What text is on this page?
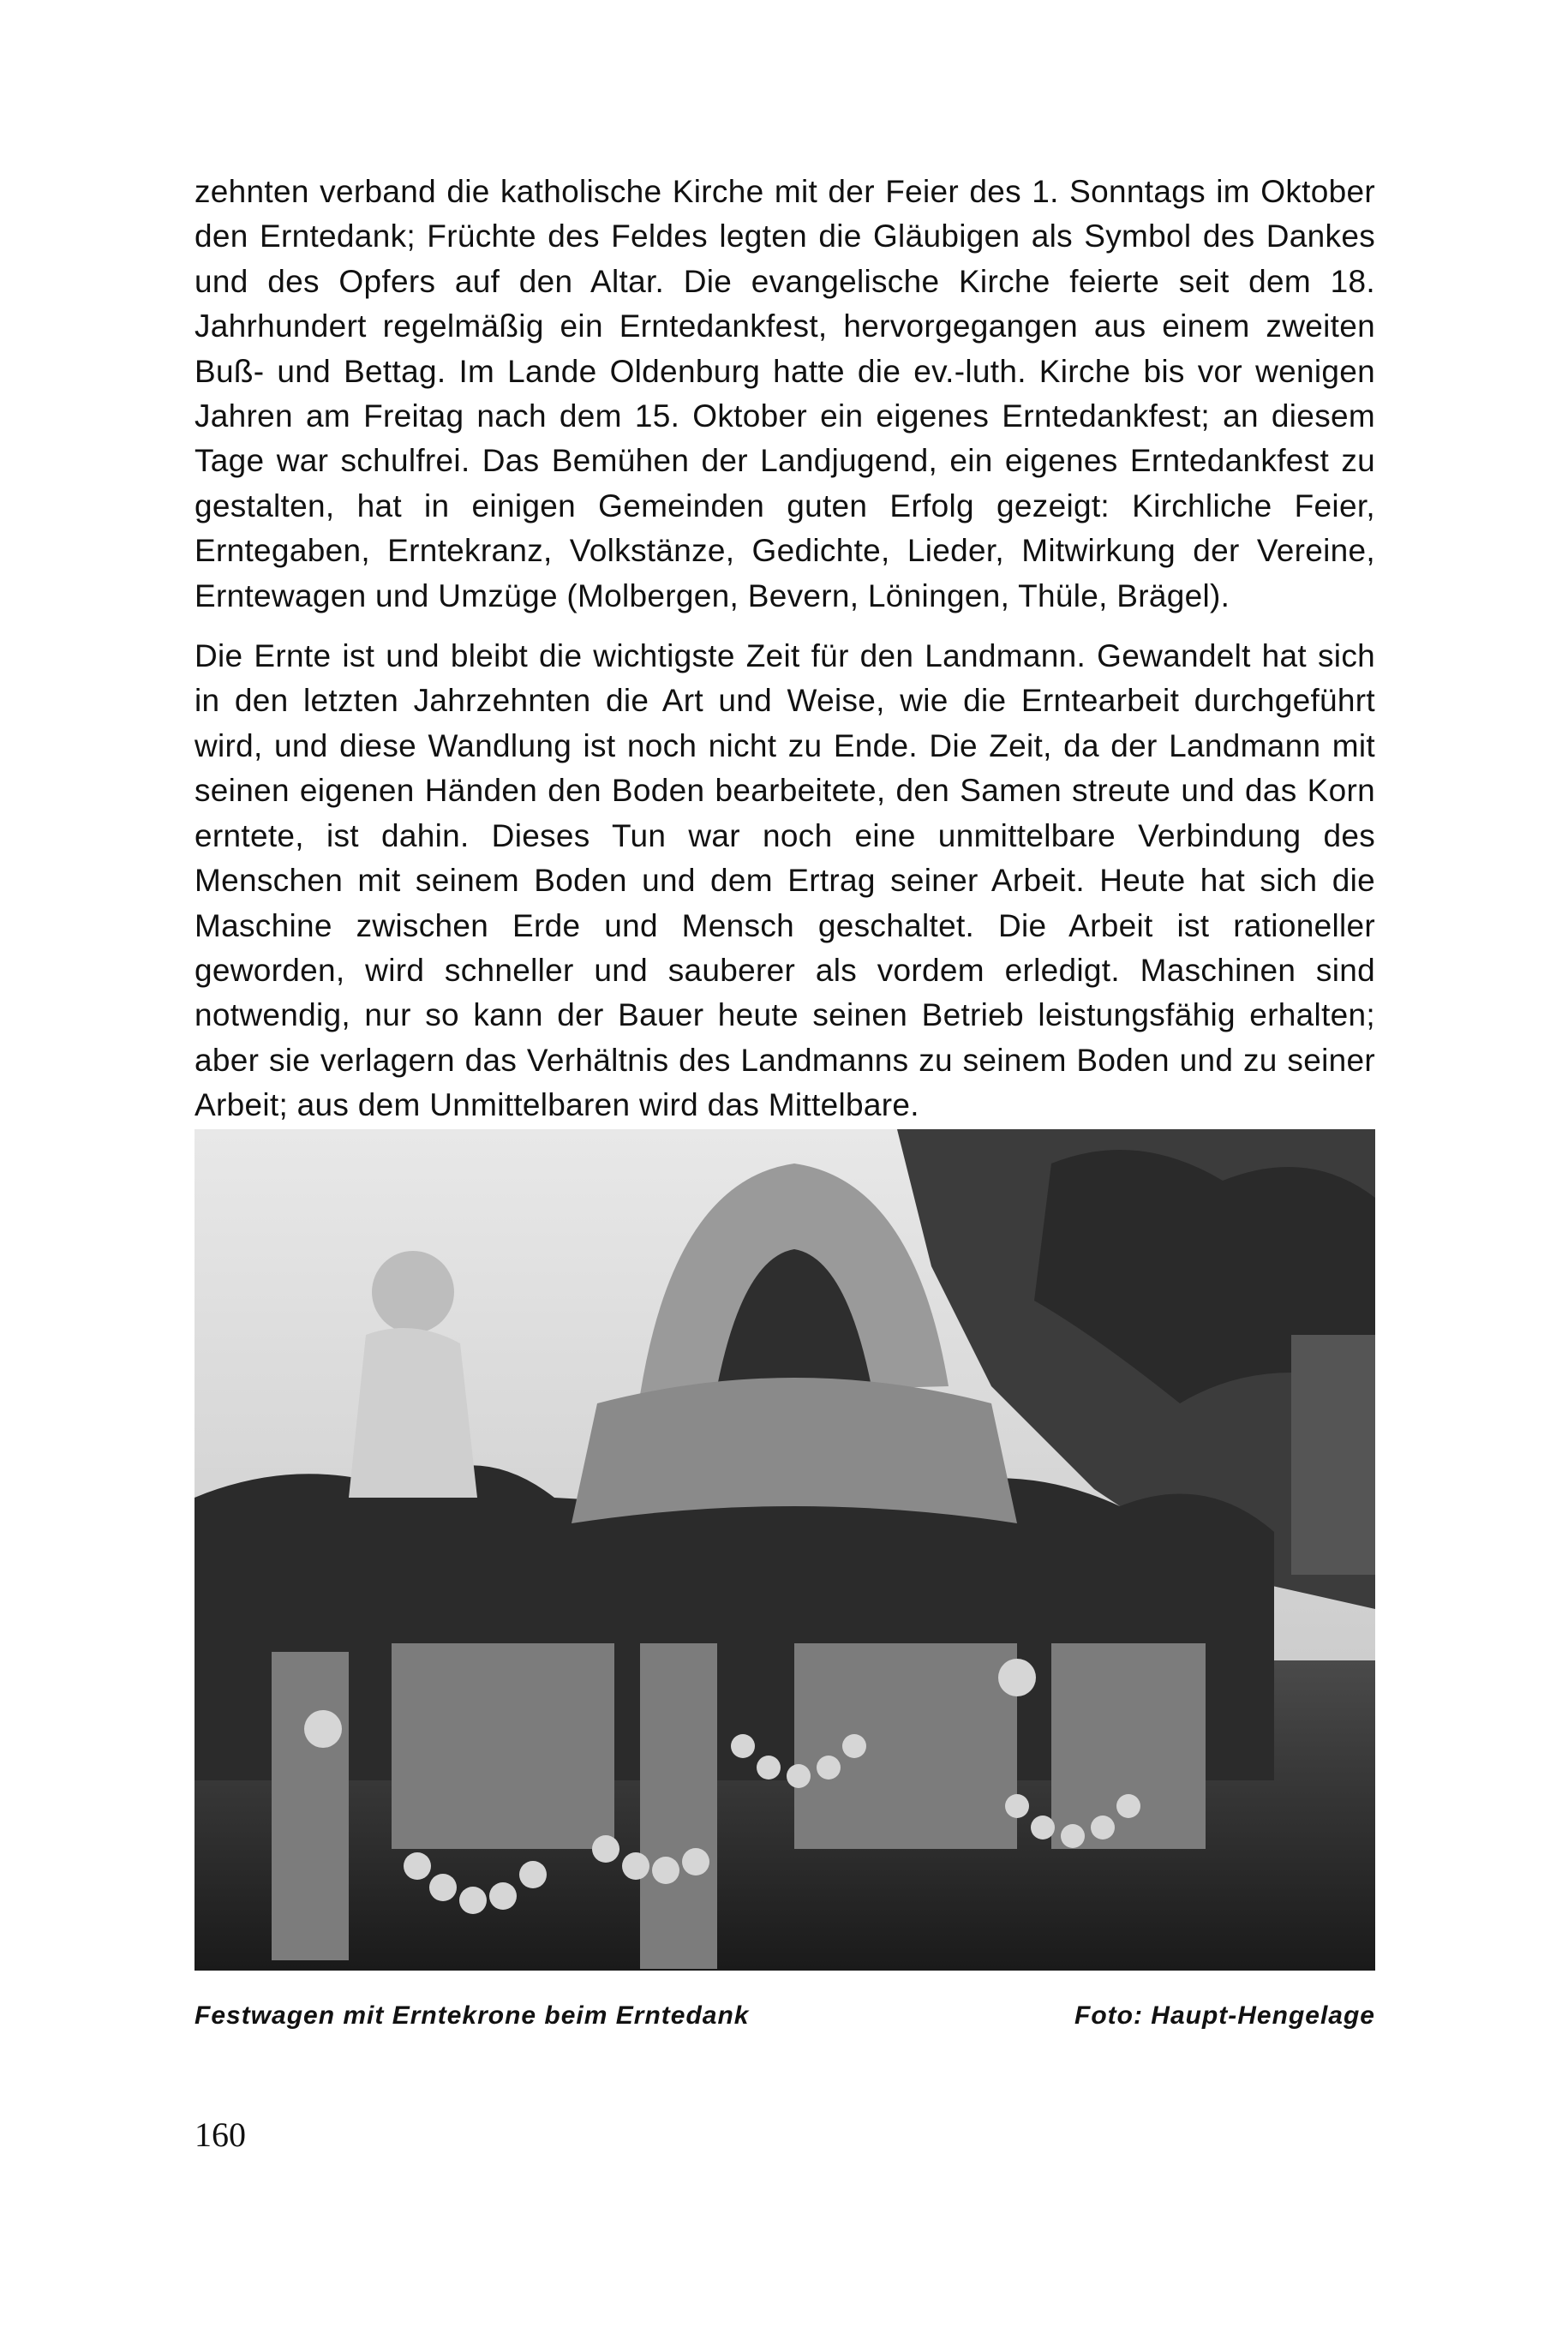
zehnten verband die katholische Kirche mit der Feier des 1. Sonntags im Oktober den Erntedank; Früchte des Feldes legten die Gläubigen als Symbol des Dankes und des Opfers auf den Altar. Die evangelische Kirche feierte seit dem 18. Jahrhundert regelmäßig ein Erntedankfest, hervorgegangen aus einem zweiten Buß- und Bettag. Im Lande Oldenburg hatte die ev.-luth. Kirche bis vor wenigen Jahren am Freitag nach dem 15. Oktober ein eigenes Erntedankfest; an diesem Tage war schulfrei. Das Bemühen der Landjugend, ein eigenes Erntedankfest zu gestalten, hat in einigen Gemeinden guten Erfolg gezeigt: Kirchliche Feier, Erntegaben, Erntekranz, Volkstänze, Gedichte, Lieder, Mitwirkung der Vereine, Erntewagen und Umzüge (Molbergen, Bevern, Löningen, Thüle, Brägel).

Die Ernte ist und bleibt die wichtigste Zeit für den Landmann. Gewandelt hat sich in den letzten Jahrzehnten die Art und Weise, wie die Erntearbeit durchgeführt wird, und diese Wandlung ist noch nicht zu Ende. Die Zeit, da der Landmann mit seinen eigenen Händen den Boden bearbeitete, den Samen streute und das Korn erntete, ist dahin. Dieses Tun war noch eine unmittelbare Verbindung des Menschen mit seinem Boden und dem Ertrag seiner Arbeit. Heute hat sich die Maschine zwischen Erde und Mensch geschaltet. Die Arbeit ist rationeller geworden, wird schneller und sauberer als vordem erledigt. Maschinen sind notwendig, nur so kann der Bauer heute seinen Betrieb leistungsfähig erhalten; aber sie verlagern das Verhältnis des Landmanns zu seinem Boden und zu seiner Arbeit; aus dem Unmittelbaren wird das Mittelbare.

Festwagen mit Erntekrone beim Erntedank	Foto: Haupt-Hengelage
160
